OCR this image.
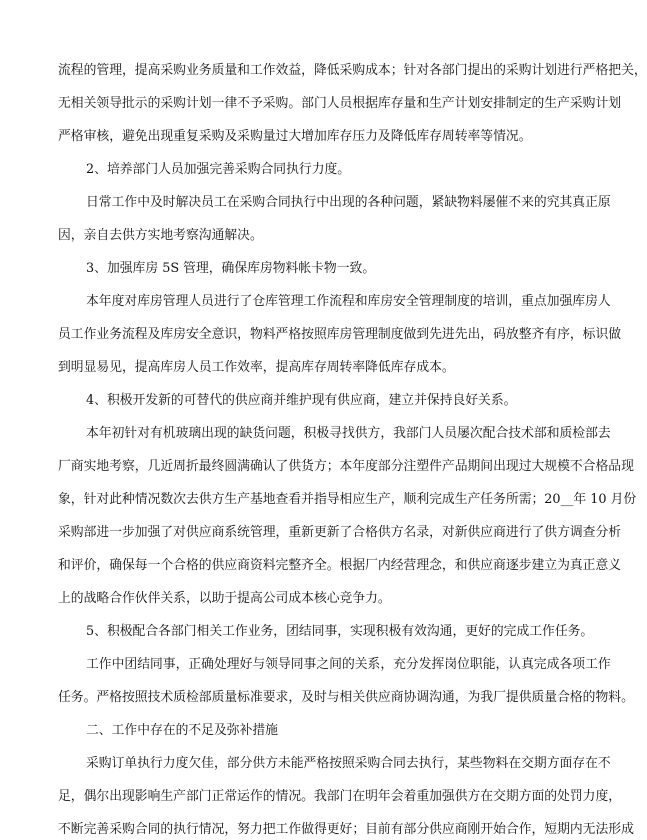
流程的管理，提高采购业务质量和工作效益，降低采购成本；针对各部门提出的采购计划进行严格把关，
无相关领导批示的采购计划一律不予采购。部门人员根据库存量和生产计划安排制定的生产采购计划
严格审核，避免出现重复采购及采购量过大增加库存压力及降低库存周转率等情况。
2、培养部门人员加强完善采购合同执行力度。
日常工作中及时解决员工在采购合同执行中出现的各种问题，紧缺物料屡催不来的究其真正原
因，亲自去供方实地考察沟通解决。
3、加强库房 5S 管理，确保库房物料帐卡物一致。
本年度对库房管理人员进行了仓库管理工作流程和库房安全管理制度的培训，重点加强库房人
员工作业务流程及库房安全意识，物料严格按照库房管理制度做到先进先出，码放整齐有序，标识做
到明显易见，提高库房人员工作效率，提高库存周转率降低库存成本。
4、积极开发新的可替代的供应商并维护现有供应商，建立并保持良好关系。
本年初针对有机玻璃出现的缺货问题，积极寻找供方，我部门人员屡次配合技术部和质检部去
厂商实地考察，几近周折最终圆满确认了供货方；本年度部分注塑件产品期间出现过大规模不合格品现
象，针对此种情况数次去供方生产基地查看并指导相应生产，顺利完成生产任务所需；20__年 10 月份
采购部进一步加强了对供应商系统管理，重新更新了合格供方名录，对新供应商进行了供方调查分析
和评价，确保每一个合格的供应商资料完整齐全。根据厂内经营理念，和供应商逐步建立为真正意义
上的战略合作伙伴关系，以助于提高公司成本核心竞争力。
5、积极配合各部门相关工作业务，团结同事，实现积极有效沟通，更好的完成工作任务。
工作中团结同事，正确处理好与领导同事之间的关系，充分发挥岗位职能，认真完成各项工作
任务。严格按照技术质检部质量标准要求，及时与相关供应商协调沟通，为我厂提供质量合格的物料。
二、工作中存在的不足及弥补措施
采购订单执行力度欠佳，部分供方未能严格按照采购合同去执行，某些物料在交期方面存在不
足，偶尔出现影响生产部门正常运作的情况。我部门在明年会着重加强供方在交期方面的处罚力度，
不断完善采购合同的执行情况，努力把工作做得更好；目前有部分供应商刚开始合作，短期内无法形成
